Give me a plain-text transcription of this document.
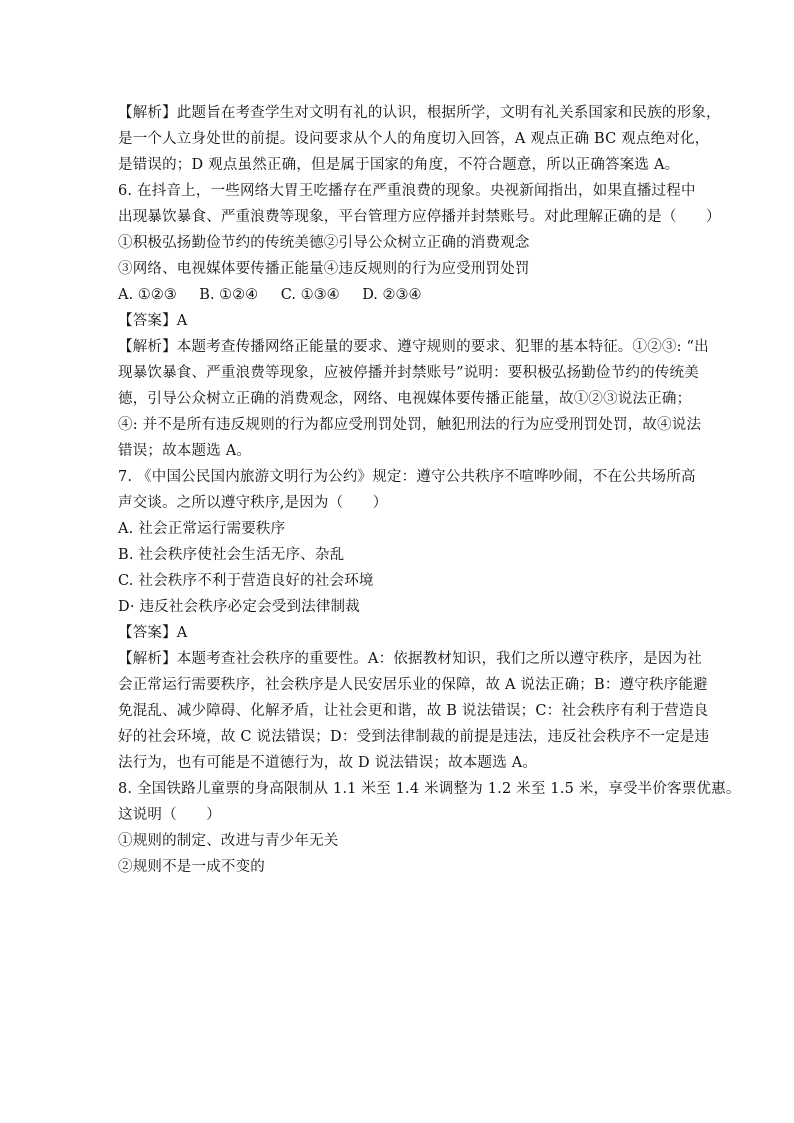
【解析】此题旨在考查学生对文明有礼的认识，根据所学，文明有礼关系国家和民族的形象，
是一个人立身处世的前提。设问要求从个人的角度切入回答，A 观点正确 BC 观点绝对化，
是错误的；D 观点虽然正确，但是属于国家的角度，不符合题意，所以正确答案选 A。
6. 在抖音上，一些网络大胃王吃播存在严重浪费的现象。央视新闻指出，如果直播过程中
出现暴饮暴食、严重浪费等现象，平台管理方应停播并封禁账号。对此理解正确的是（　　）
①积极弘扬勤俭节约的传统美德②引导公众树立正确的消费观念
③网络、电视媒体要传播正能量④违反规则的行为应受刑罚处罚
A. ①②③ B. ①②④ C. ①③④ D. ②③④
【答案】A
【解析】本题考查传播网络正能量的要求、遵守规则的要求、犯罪的基本特征。①②③: “出
现暴饮暴食、严重浪费等现象，应被停播并封禁账号”说明：要积极弘扬勤俭节约的传统美
德，引导公众树立正确的消费观念，网络、电视媒体要传播正能量，故①②③说法正确；
④: 并不是所有违反规则的行为都应受刑罚处罚，触犯刑法的行为应受刑罚处罚，故④说法
错误；故本题选 A。
7. 《中国公民国内旅游文明行为公约》规定：遵守公共秩序不喧哗吵闹，不在公共场所高
声交谈。之所以遵守秩序,是因为（　　）
A. 社会正常运行需要秩序
B. 社会秩序使社会生活无序、杂乱
C. 社会秩序不利于营造良好的社会环境
D· 违反社会秩序必定会受到法律制裁
【答案】A
【解析】本题考查社会秩序的重要性。A：依据教材知识，我们之所以遵守秩序，是因为社
会正常运行需要秩序，社会秩序是人民安居乐业的保障，故 A 说法正确；B：遵守秩序能避
免混乱、减少障碍、化解矛盾，让社会更和谐，故 B 说法错误；C：社会秩序有利于营造良
好的社会环境，故 C 说法错误；D：受到法律制裁的前提是违法，违反社会秩序不一定是违
法行为，也有可能是不道德行为，故 D 说法错误；故本题选 A。
8. 全国铁路儿童票的身高限制从 1.1 米至 1.4 米调整为 1.2 米至 1.5 米，享受半价客票优惠。
这说明（　　）
①规则的制定、改进与青少年无关
②规则不是一成不变的
